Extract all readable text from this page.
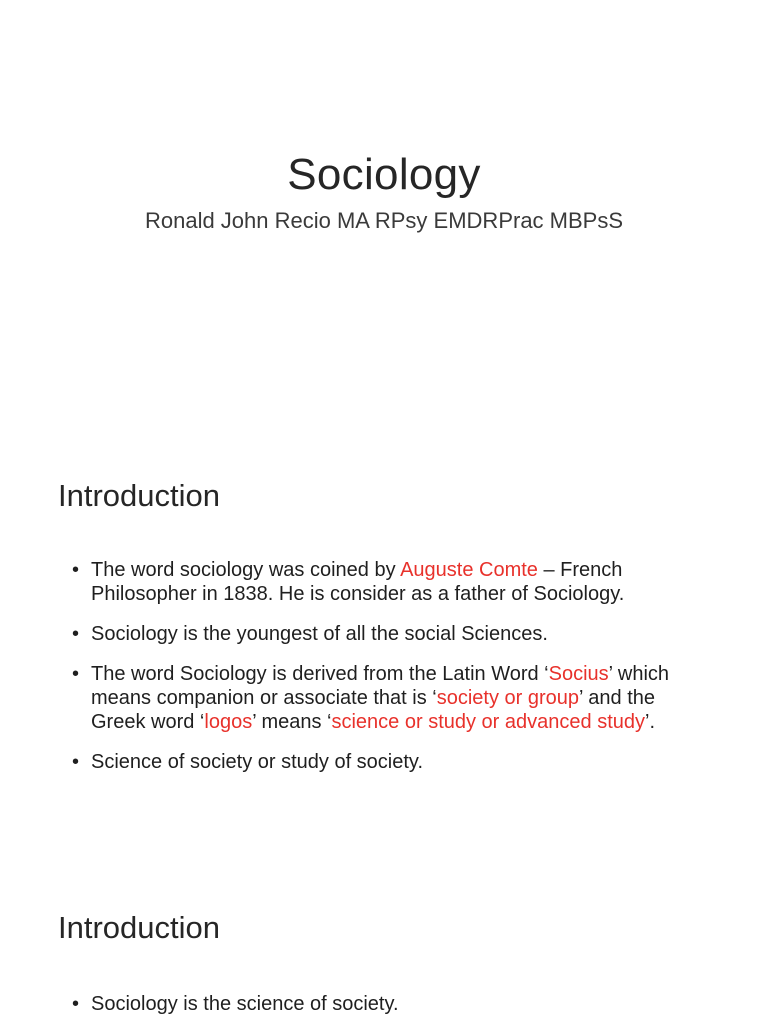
Sociology

Ronald John Recio MA RPsy EMDRPrac MBPsS

Introduction
• The word sociology was coined by Auguste Comte – French Philosopher in 1838. He is consider as a father of Sociology.
• Sociology is the youngest of all the social Sciences.
• The word Sociology is derived from the Latin Word ‘Socius’ which means companion or associate that is ‘society or group’ and the Greek word ‘logos’ means ‘science or study or advanced study’.
• Science of society or study of society.
Introduction
• Sociology is the science of society.
